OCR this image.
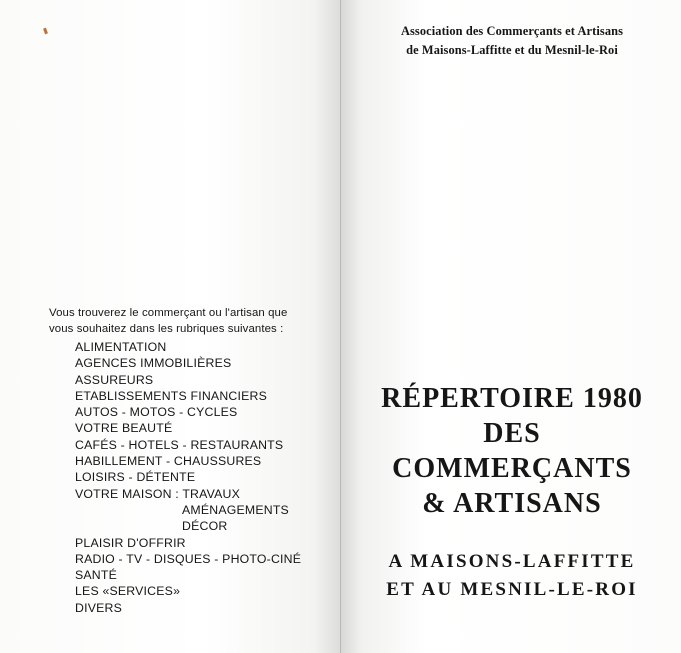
Vous trouverez le commerçant ou l'artisan que
vous souhaitez dans les rubriques suivantes :
ALIMENTATION
AGENCES IMMOBILIÈRES
ASSUREURS
ETABLISSEMENTS FINANCIERS
AUTOS - MOTOS - CYCLES
VOTRE BEAUTÉ
CAFÉS - HOTELS - RESTAURANTS
HABILLEMENT - CHAUSSURES
LOISIRS - DÉTENTE
VOTRE MAISON : TRAVAUX
AMÉNAGEMENTS
DÉCOR
PLAISIR D'OFFRIR
RADIO - TV - DISQUES - PHOTO-CINÉ
SANTÉ
LES «SERVICES»
DIVERS
Association des Commerçants et Artisans
de Maisons-Laffitte et du Mesnil-le-Roi
RÉPERTOIRE 1980
DES
COMMERÇANTS
& ARTISANS
A MAISONS-LAFFITTE
ET AU MESNIL-LE-ROI
